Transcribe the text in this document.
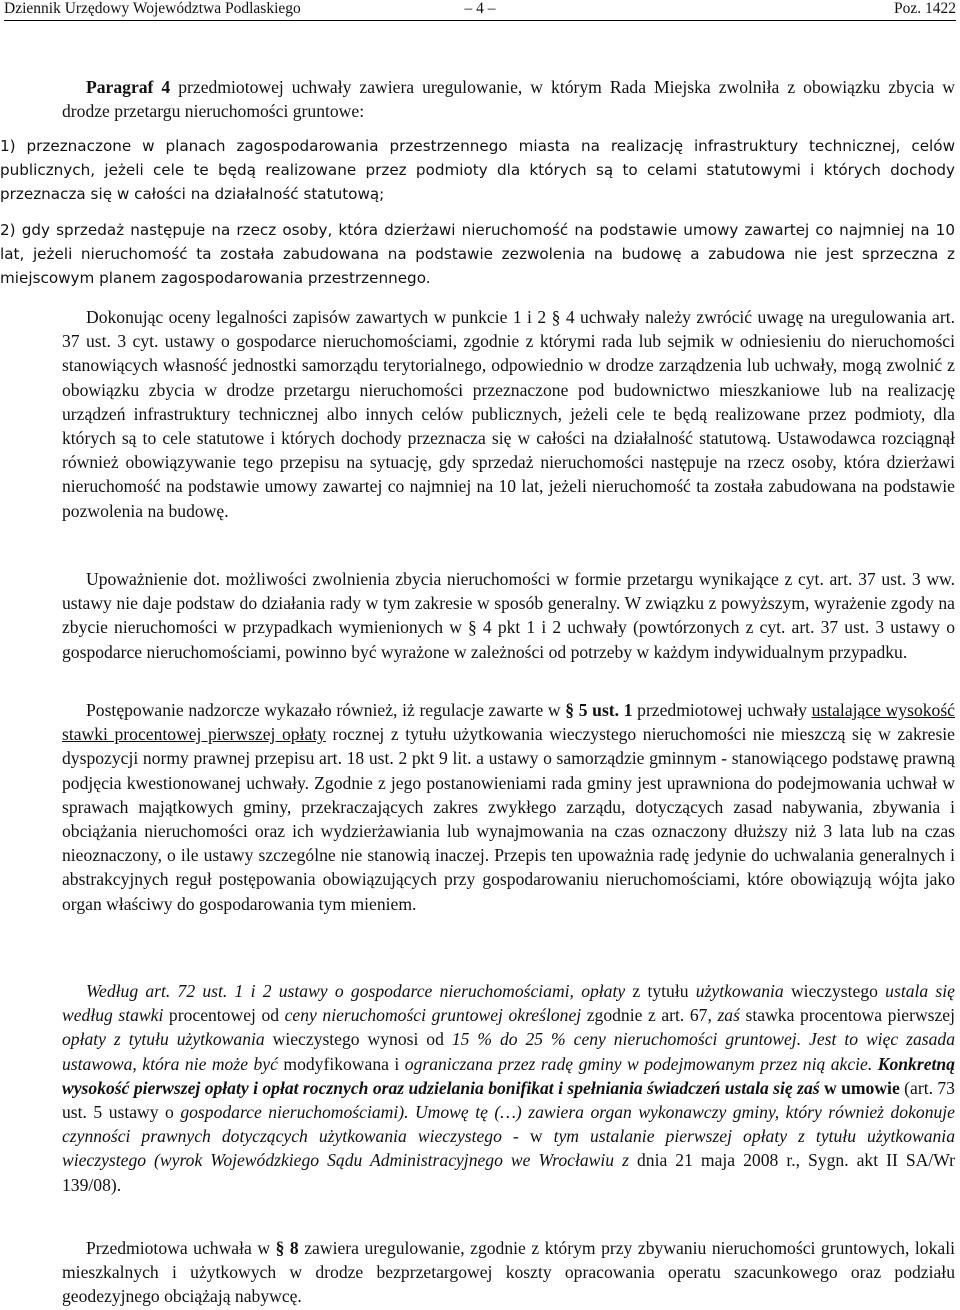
Dziennik Urzędowy Województwa Podlaskiego	– 4 –	Poz. 1422

Paragraf 4 przedmiotowej uchwały zawiera uregulowanie, w którym Rada Miejska zwolniła z obowiązku zbycia w drodze przetargu nieruchomości gruntowe:

1) przeznaczone w planach zagospodarowania przestrzennego miasta na realizację infrastruktury technicznej, celów publicznych, jeżeli cele te będą realizowane przez podmioty dla których są to celami statutowymi i których dochody przeznacza się w całości na działalność statutową;

2) gdy sprzedaż następuje na rzecz osoby, która dzierżawi nieruchomość na podstawie umowy zawartej co najmniej na 10 lat, jeżeli nieruchomość ta została zabudowana na podstawie zezwolenia na budowę a zabudowa nie jest sprzeczna z miejscowym planem zagospodarowania przestrzennego.

Dokonując oceny legalności zapisów zawartych w punkcie 1 i 2 § 4 uchwały należy zwrócić uwagę na uregulowania art. 37 ust. 3 cyt. ustawy o gospodarce nieruchomościami, zgodnie z którymi rada lub sejmik w odniesieniu do nieruchomości stanowiących własność jednostki samorządu terytorialnego, odpowiednio w drodze zarządzenia lub uchwały, mogą zwolnić z obowiązku zbycia w drodze przetargu nieruchomości przeznaczone pod budownictwo mieszkaniowe lub na realizację urządzeń infrastruktury technicznej albo innych celów publicznych, jeżeli cele te będą realizowane przez podmioty, dla których są to cele statutowe i których dochody przeznacza się w całości na działalność statutową. Ustawodawca rozciągnął również obowiązywanie tego przepisu na sytuację, gdy sprzedaż nieruchomości następuje na rzecz osoby, która dzierżawi nieruchomość na podstawie umowy zawartej co najmniej na 10 lat, jeżeli nieruchomość ta została zabudowana na podstawie pozwolenia na budowę.

Upoważnienie dot. możliwości zwolnienia zbycia nieruchomości w formie przetargu wynikające z cyt. art. 37 ust. 3 ww. ustawy nie daje podstaw do działania rady w tym zakresie w sposób generalny. W związku z powyższym, wyrażenie zgody na zbycie nieruchomości w przypadkach wymienionych w § 4 pkt 1 i 2 uchwały (powtórzonych z cyt. art. 37 ust. 3 ustawy o gospodarce nieruchomościami, powinno być wyrażone w zależności od potrzeby w każdym indywidualnym przypadku.

Postępowanie nadzorcze wykazało również, iż regulacje zawarte w § 5 ust. 1 przedmiotowej uchwały ustalające wysokość stawki procentowej pierwszej opłaty rocznej z tytułu użytkowania wieczystego nieruchomości nie mieszczą się w zakresie dyspozycji normy prawnej przepisu art. 18 ust. 2 pkt 9 lit. a ustawy o samorządzie gminnym - stanowiącego podstawę prawną podjęcia kwestionowanej uchwały. Zgodnie z jego postanowieniami rada gminy jest uprawniona do podejmowania uchwał w sprawach majątkowych gminy, przekraczających zakres zwykłego zarządu, dotyczących zasad nabywania, zbywania i obciążania nieruchomości oraz ich wydzierżawiania lub wynajmowania na czas oznaczony dłuższy niż 3 lata lub na czas nieoznaczony, o ile ustawy szczególne nie stanowią inaczej. Przepis ten upoważnia radę jedynie do uchwalania generalnych i abstrakcyjnych reguł postępowania obowiązujących przy gospodarowaniu nieruchomościami, które obowiązują wójta jako organ właściwy do gospodarowania tym mieniem.

Według art. 72 ust. 1 i 2 ustawy o gospodarce nieruchomościami, opłaty z tytułu użytkowania wieczystego ustala się według stawki procentowej od ceny nieruchomości gruntowej określonej zgodnie z art. 67, zaś stawka procentowa pierwszej opłaty z tytułu użytkowania wieczystego wynosi od 15 % do 25 % ceny nieruchomości gruntowej. Jest to więc zasada ustawowa, która nie może być modyfikowana i ograniczana przez radę gminy w podejmowanym przez nią akcie. Konkretną wysokość pierwszej opłaty i opłat rocznych oraz udzielania bonifikat i spełniania świadczeń ustala się zaś w umowie (art. 73 ust. 5 ustawy o gospodarce nieruchomościami). Umowę tę (…) zawiera organ wykonawczy gminy, który również dokonuje czynności prawnych dotyczących użytkowania wieczystego - w tym ustalanie pierwszej opłaty z tytułu użytkowania wieczystego (wyrok Wojewódzkiego Sądu Administracyjnego we Wrocławiu z dnia 21 maja 2008 r., Sygn. akt II SA/Wr 139/08).

Przedmiotowa uchwała w § 8 zawiera uregulowanie, zgodnie z którym przy zbywaniu nieruchomości gruntowych, lokali mieszkalnych i użytkowych w drodze bezprzetargowej koszty opracowania operatu szacunkowego oraz podziału geodezyjnego obciążają nabywcę.
